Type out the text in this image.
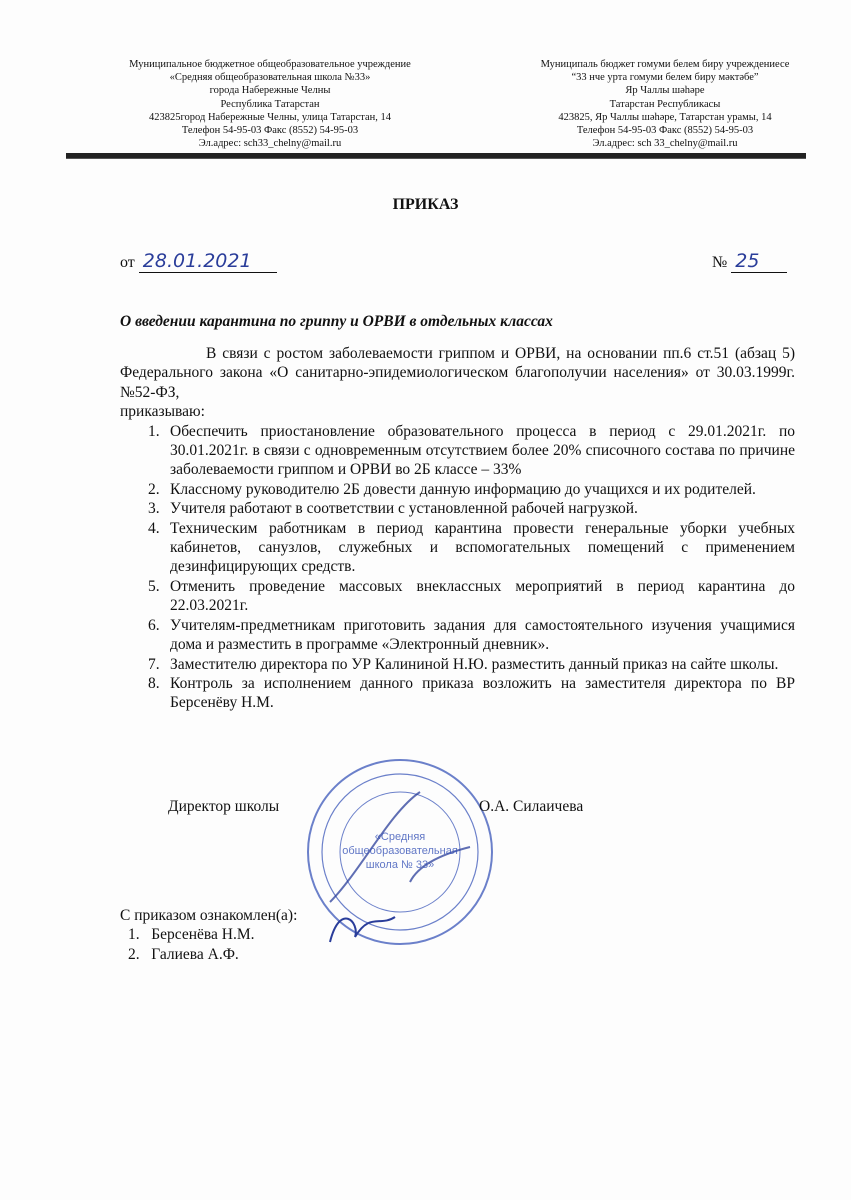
Муниципальное бюджетное общеобразовательное учреждение
«Средняя общеобразовательная школа №33»
города Набережные Челны
Республика Татарстан
423825город Набережные Челны, улица Татарстан, 14
Телефон 54-95-03 Факс (8552) 54-95-03
Эл.адрес: sch33_chelny@mail.ru
Муниципаль бюджет гомуми белем биру учреждениесе
“33 нче урта гомуми белем биру мәктәбе”
Яр Чаллы шәһәре
Татарстан Республикасы
423825, Яр Чаллы шәһәре, Татарстан урамы, 14
Телефон 54-95-03 Факс (8552) 54-95-03
Эл.адрес: sch 33_chelny@mail.ru
ПРИКАЗ
от 28.01.2021	№ 25
О введении карантина по гриппу и ОРВИ в отдельных классах

В связи с ростом заболеваемости гриппом и ОРВИ, на основании пп.6 ст.51 (абзац 5) Федерального закона «О санитарно-эпидемиологическом благополучии населения» от 30.03.1999г. №52-ФЗ,

приказываю:

1. Обеспечить приостановление образовательного процесса в период с 29.01.2021г. по 30.01.2021г. в связи с одновременным отсутствием более 20% списочного состава по причине заболеваемости гриппом и ОРВИ во 2Б классе – 33%
2. Классному руководителю 2Б довести данную информацию до учащихся и их родителей.
3. Учителя работают в соответствии с установленной рабочей нагрузкой.
4. Техническим работникам в период карантина провести генеральные уборки учебных кабинетов, санузлов, служебных и вспомогательных помещений с применением дезинфицирующих средств.
5. Отменить проведение массовых внеклассных мероприятий в период карантина до 22.03.2021г.
6. Учителям-предметникам приготовить задания для самостоятельного изучения учащимися дома и разместить в программе «Электронный дневник».
7. Заместителю директора по УР Калининой Н.Ю. разместить данный приказ на сайте школы.
8. Контроль за исполнением данного приказа возложить на заместителя директора по ВР Берсенёву Н.М.
«Средняя
общеобразовательная
школа № 33»
Директор школы	О.А. Силаичева
С приказом ознакомлен(а):
1. Берсенёва Н.М.
2. Галиева А.Ф.
